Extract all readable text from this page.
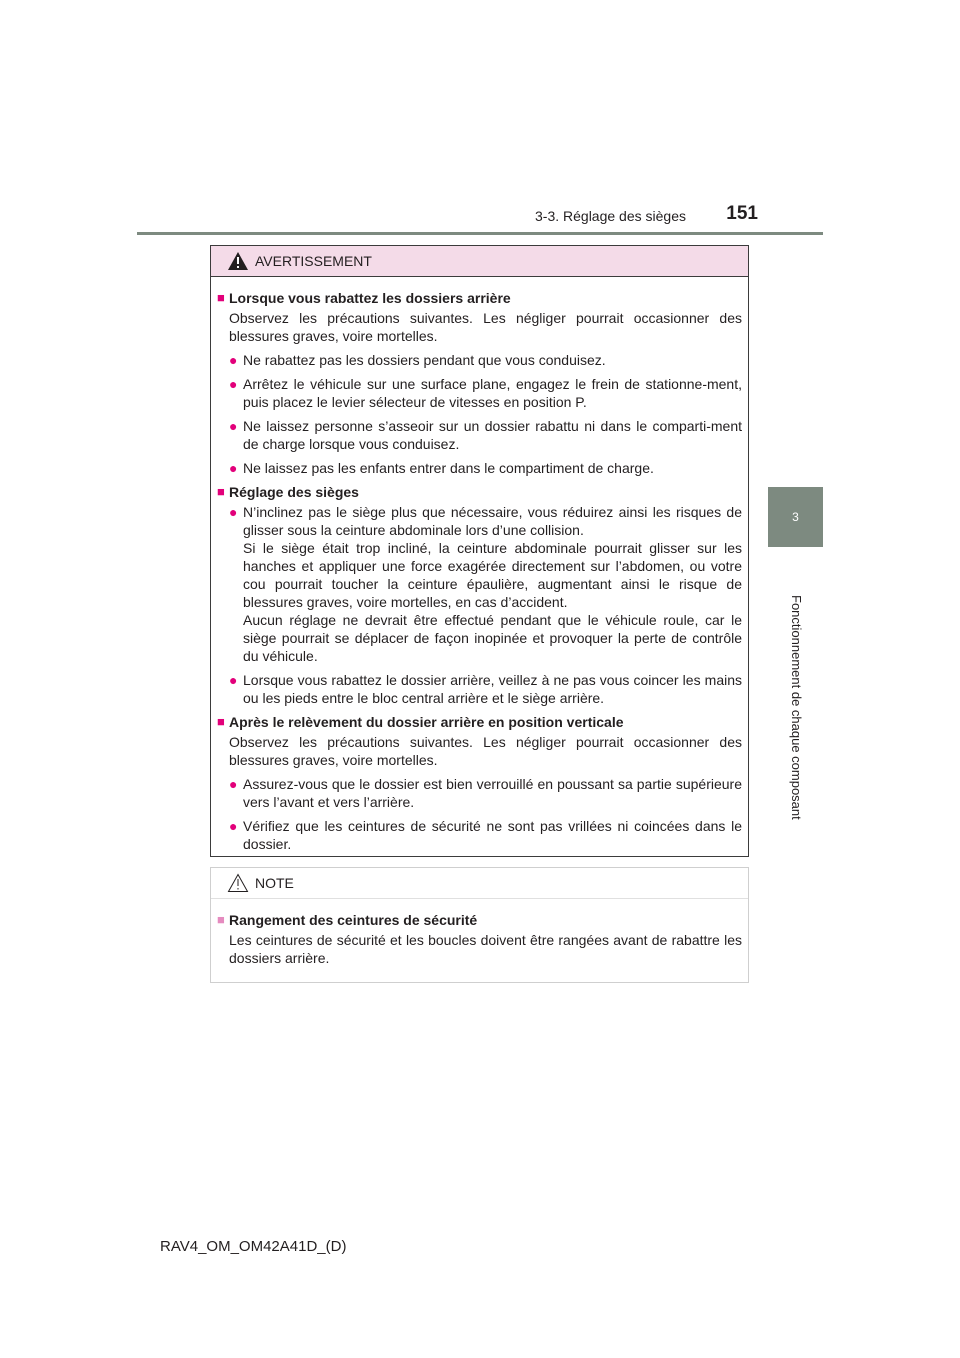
3-3. Réglage des sièges	151
3
Fonctionnement de chaque composant
AVERTISSEMENT
■ Lorsque vous rabattez les dossiers arrière
Observez les précautions suivantes. Les négliger pourrait occasionner des blessures graves, voire mortelles.
● Ne rabattez pas les dossiers pendant que vous conduisez.
● Arrêtez le véhicule sur une surface plane, engagez le frein de stationne-ment, puis placez le levier sélecteur de vitesses en position P.
● Ne laissez personne s’asseoir sur un dossier rabattu ni dans le comparti-ment de charge lorsque vous conduisez.
● Ne laissez pas les enfants entrer dans le compartiment de charge.
■ Réglage des sièges
● N’inclinez pas le siège plus que nécessaire, vous réduirez ainsi les risques de glisser sous la ceinture abdominale lors d’une collision.
Si le siège était trop incliné, la ceinture abdominale pourrait glisser sur les hanches et appliquer une force exagérée directement sur l’abdomen, ou votre cou pourrait toucher la ceinture épaulière, augmentant ainsi le risque de blessures graves, voire mortelles, en cas d’accident.
Aucun réglage ne devrait être effectué pendant que le véhicule roule, car le siège pourrait se déplacer de façon inopinée et provoquer la perte de contrôle du véhicule.
● Lorsque vous rabattez le dossier arrière, veillez à ne pas vous coincer les mains ou les pieds entre le bloc central arrière et le siège arrière.
■ Après le relèvement du dossier arrière en position verticale
Observez les précautions suivantes. Les négliger pourrait occasionner des blessures graves, voire mortelles.
● Assurez-vous que le dossier est bien verrouillé en poussant sa partie supérieure vers l’avant et vers l’arrière.
● Vérifiez que les ceintures de sécurité ne sont pas vrillées ni coincées dans le dossier.
NOTE
■ Rangement des ceintures de sécurité
Les ceintures de sécurité et les boucles doivent être rangées avant de rabattre les dossiers arrière.
RAV4_OM_OM42A41D_(D)
